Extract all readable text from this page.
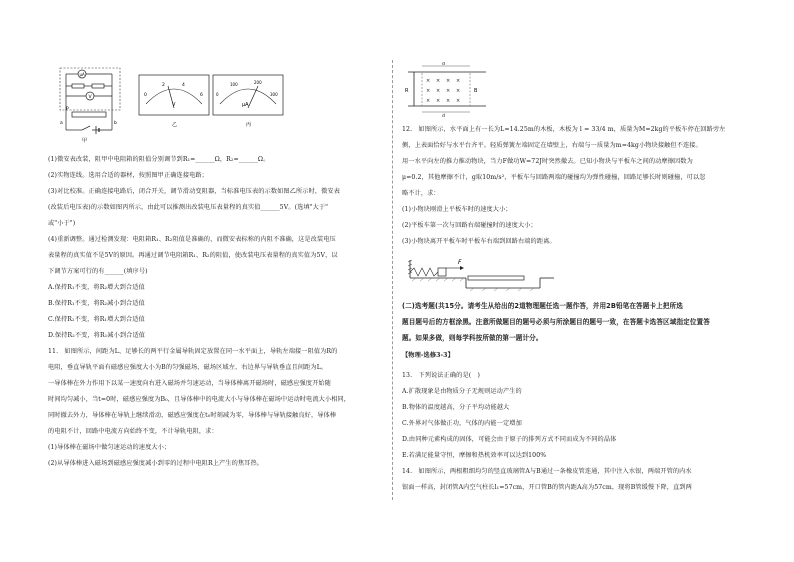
μA
V
P
a	b
甲
0
2	4
6
V
乙
0
100	200
300
μA
丙
(1)微安表改装，阻甲中电阻箱的阻值分别调节到R₁=______Ω，R₂=______Ω。
(2)实物连线。选用合适的器材，按照图甲正确连接电路；
(3)对比校准。正确连接电路后，闭合开关，调节滑动变阻器，当标准电压表的示数如图乙所示时，微安表
(改装后电压表)的示数如图丙所示，由此可以推测出改装电压表量程的真实值______5V。(选填"大于"
或"小于")
(4)重新调整。通过检测发现：电阻箱R₁、R₂阻值是准确的，而微安表标称的内阻不准确，这是改装电压
表量程的真实值不是5V的原因。再通过调节电阻箱R₁、R₂的阻值，使改装电压表量程的真实值为5V，以
下调节方案可行的有______(填序号)
A.保持R₁不变，将R₂增大到合适值
B.保持R₁不变，将R₂减小到合适值
C.保持R₂不变，将R₁增大到合适值
D.保持R₂不变，将R₁减小到合适值
11.　如图所示，间距为L、足够长的两平行金属导轨固定放置在同一水平面上，导轨左端接一阻值为R的
电阻，垂直导轨平面有磁感应强度大小为B的匀强磁场，磁场区域左、右边界与导轨垂直且间距为L。
一导体棒在外力作用下以某一速度向右进入磁场并匀速运动，当导体棒离开磁场时，磁感应强度开始随
时间均匀减小，当t=0时，磁感应强度为B₀，且导体棒中的电流大小与导体棒在磁场中运动时电流大小相同，
同时撤去外力，导体棒在导轨上继续滑动，磁感应强度在t₀时刻减为零，导体棒与导轨接触良好，导体棒
的电阻不计，回路中电流方向始终不变，不计导轨电阻，求：
(1)导体棒在磁场中做匀速运动的速度大小；
(2)从导体棒进入磁场到磁感应强度减小到零的过程中电阻R上产生的焦耳热。
d
d
R	B
× × × ×
× × × ×
× × × ×
12.　如图所示，水平面上有一长为L=14.25m的木板，木板为 l = 33/4 m，质量为M=2kg的平板车停在回路旁左
侧，上表面恰好与水平台齐平。轻质弹簧左端固定在墙壁上，右端与一质量为m=4kg小物块接触但不连接。
用一水平向左的推力推动物块，当力F做功W=72J时突然撤去。已知小物块与平板车之间的动摩擦因数为
μ=0.2，其他摩擦不计，g取10m/s²，平板车与回路两端的碰撞均为弹性碰撞，回路足够长时则碰撞，可以忽
略不计，求：
(1)小物块刚滑上平板车时的速度大小；
(2)平板车第一次与回路右端碰撞时的速度大小；
(3)小物块离开平板车时平板车右端到回路右端的距离。
F
(二)选考题(共15分。请考生从给出的2道物理题任选一题作答，并用2B铅笔在答题卡上把所选
题目题号后的方框涂黑。注意所做题目的题号必须与所涂题目的题号一致，在答题卡选答区域指定位置答
题。如果多做，则每学科按所做的第一题计分。
【物理-选修3-3】
13.　下列说法正确的是(　)
A.扩散现象是由物质分子无规则运动产生的
B.物体的温度越高，分子平均动能越大
C.外界对气体做正功，气体的内能一定增加
D.由同种元素构成的固体，可能会由于原子的排列方式不同而成为不同的晶体
E.若满足能量守恒，摩擦和热机效率可以达到100%
14.　如图所示，两根粗细均匀的竖直玻璃管A与B通过一条橡皮管连通，其中注入水银，两端开管的内水
银面一样高，封闭管A内空气柱长l₁=57cm，开口管B的管内距A高为57cm，现将B管缓慢下降，直到两
